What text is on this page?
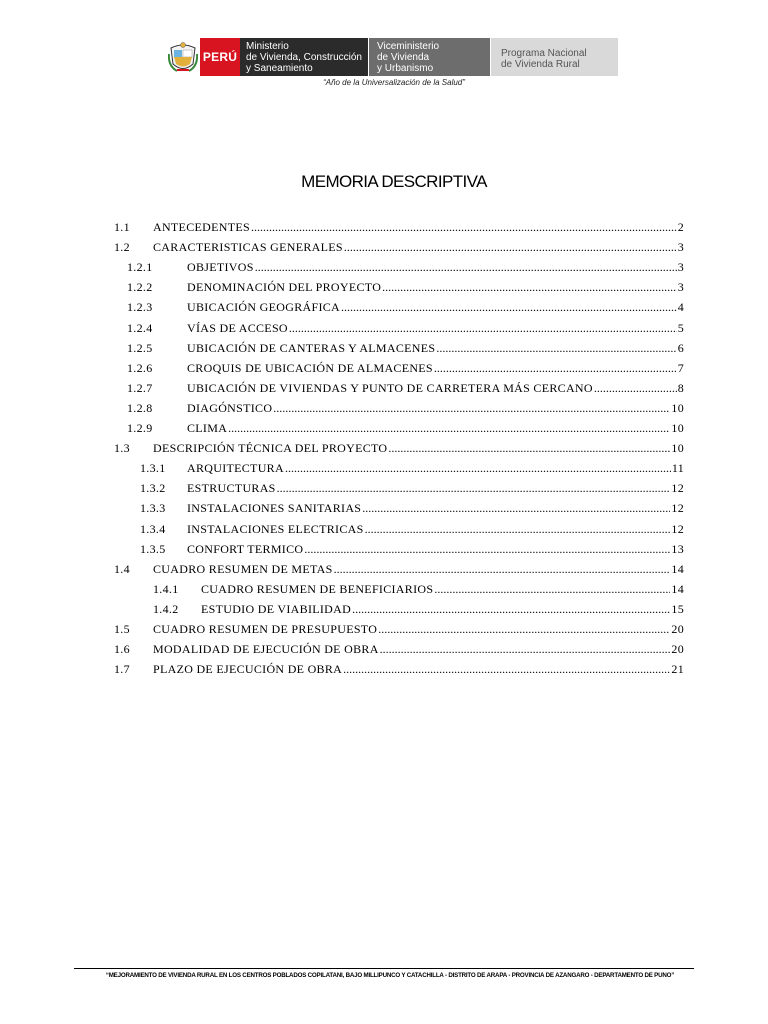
PERÚ
Ministerio
de Vivienda, Construcción
y Saneamiento
Viceministerio
de Vivienda
y Urbanismo
Programa Nacional
de Vivienda Rural
“Año de la Universalización de la Salud”
MEMORIA DESCRIPTIVA
1.1 ANTECEDENTES .....	2
1.2 CARACTERISTICAS GENERALES .....	3
1.2.1	OBJETIVOS .....	3
1.2.2	DENOMINACIÓN DEL PROYECTO .....	3
1.2.3	UBICACIÓN GEOGRÁFICA .....	4
1.2.4	VÍAS DE ACCESO .....	5
1.2.5	UBICACIÓN DE CANTERAS Y ALMACENES .....	6
1.2.6	CROQUIS DE UBICACIÓN DE ALMACENES .....	7
1.2.7	UBICACIÓN DE VIVIENDAS Y PUNTO DE CARRETERA MÁS CERCANO .....	8
1.2.8	DIAGÓNSTICO .....	10
1.2.9	CLIMA .....	10
1.3 DESCRIPCIÓN TÉCNICA DEL PROYECTO .....	10
1.3.1 ARQUITECTURA .....	11
1.3.2 ESTRUCTURAS .....	12
1.3.3 INSTALACIONES SANITARIAS .....	12
1.3.4 INSTALACIONES ELECTRICAS .....	12
1.3.5 CONFORT TERMICO .....	13
1.4 CUADRO RESUMEN DE METAS .....	14
1.4.1 CUADRO RESUMEN DE BENEFICIARIOS .....	14
1.4.2 ESTUDIO DE VIABILIDAD .....	15
1.5 CUADRO RESUMEN DE PRESUPUESTO .....	20
1.6 MODALIDAD DE EJECUCIÓN DE OBRA .....	20
1.7 PLAZO DE EJECUCIÓN DE OBRA .....	21
“MEJORAMIENTO DE VIVIENDA RURAL EN LOS CENTROS POBLADOS COPILATANI, BAJO MILLIPUNCO Y CATACHILLA - DISTRITO DE ARAPA - PROVINCIA DE AZANGARO - DEPARTAMENTO DE PUNO”
